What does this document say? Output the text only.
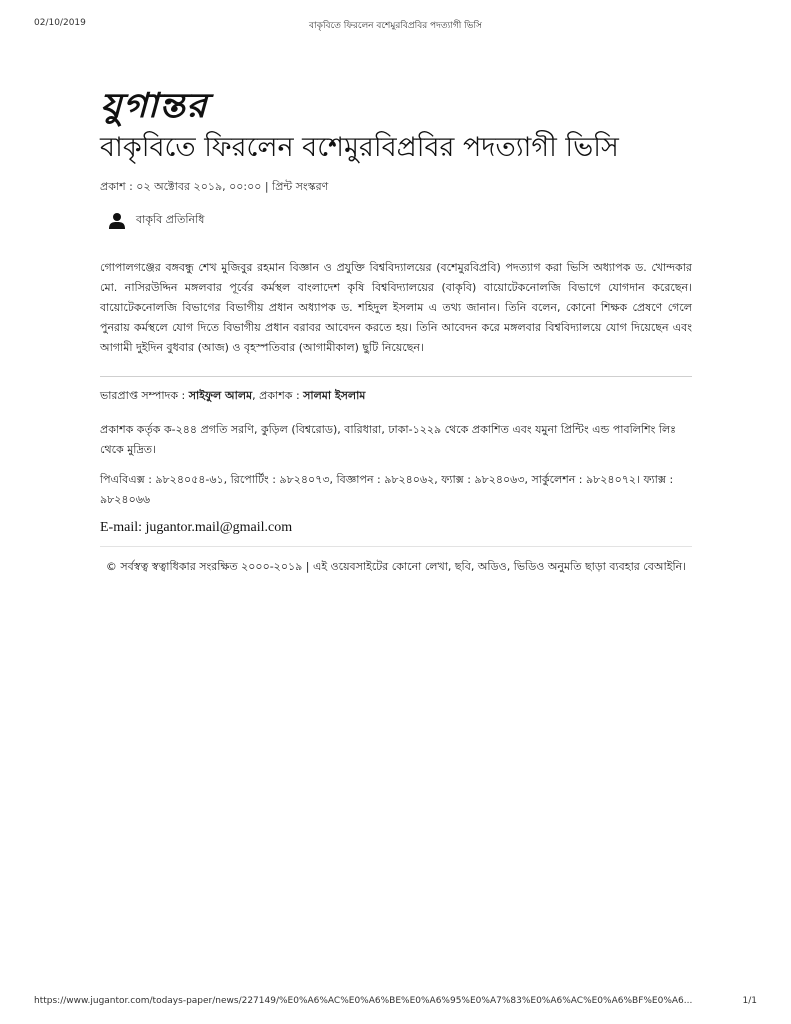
02/10/2019	বাকৃবিতে ফিরলেন বশেমুরবিপ্রবির পদত্যাগী ভিসি
যুগান্তর
বাকৃবিতে ফিরলেন বশেমুরবিপ্রবির পদত্যাগী ভিসি
প্রকাশ : ০২ অক্টোবর ২০১৯, ০০:০০ | প্রিন্ট সংস্করণ
বাকৃবি প্রতিনিধি

গোপালগঞ্জের বঙ্গবন্ধু শেখ মুজিবুর রহমান বিজ্ঞান ও প্রযুক্তি বিশ্ববিদ্যালয়ের (বশেমুরবিপ্রবি) পদত্যাগ করা ভিসি অধ্যাপক ড. খোন্দকার মো. নাসিরউদ্দিন মঙ্গলবার পূর্বের কর্মস্থল বাংলাদেশ কৃষি বিশ্ববিদ্যালয়ের (বাকৃবি) বায়োটেকনোলজি বিভাগে যোগদান করেছেন। বায়োটেকনোলজি বিভাগের বিভাগীয় প্রধান অধ্যাপক ড. শহিদুল ইসলাম এ তথ্য জানান। তিনি বলেন, কোনো শিক্ষক প্রেষণে গেলে পুনরায় কর্মস্থলে যোগ দিতে বিভাগীয় প্রধান বরাবর আবেদন করতে হয়। তিনি আবেদন করে মঙ্গলবার বিশ্ববিদ্যালয়ে যোগ দিয়েছেন এবং আগামী দুইদিন বুধবার (আজ) ও বৃহস্পতিবার (আগামীকাল) ছুটি নিয়েছেন।

ভারপ্রাপ্ত সম্পাদক : সাইফুল আলম, প্রকাশক : সালমা ইসলাম
প্রকাশক কর্তৃক ক-২৪৪ প্রগতি সরণি, কুড়িল (বিশ্বরোড), বারিধারা, ঢাকা-১২২৯ থেকে প্রকাশিত এবং যমুনা প্রিন্টিং এন্ড পাবলিশিং লিঃ থেকে মুদ্রিত।
পিএবিএক্স : ৯৮২৪০৫৪-৬১, রিপোর্টিং : ৯৮২৪০৭৩, বিজ্ঞাপন : ৯৮২৪০৬২, ফ্যাক্স : ৯৮২৪০৬৩, সার্কুলেশন : ৯৮২৪০৭২। ফ্যাক্স : ৯৮২৪০৬৬
E-mail: jugantor.mail@gmail.com
© সর্বস্বত্ব স্বত্বাধিকার সংরক্ষিত ২০০০-২০১৯ | এই ওয়েবসাইটের কোনো লেখা, ছবি, অডিও, ভিডিও অনুমতি ছাড়া ব্যবহার বেআইনি।
https://www.jugantor.com/todays-paper/news/227149/%E0%A6%AC%E0%A6%BE%E0%A6%95%E0%A7%83%E0%A6%AC%E0%A6%BF%E0%A6...	1/1
